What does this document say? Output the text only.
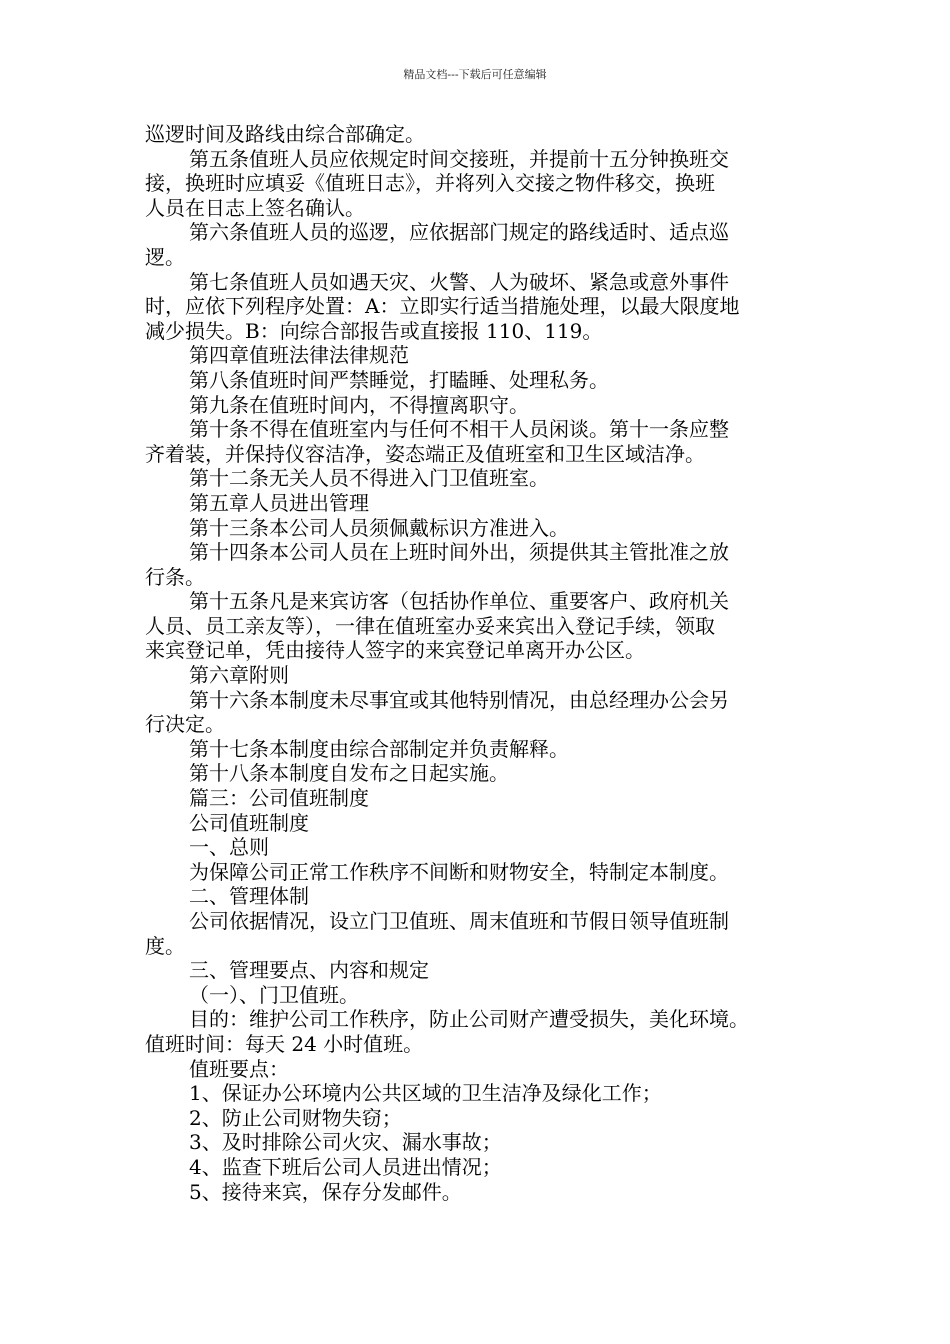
精品文档---下载后可任意编辑
巡逻时间及路线由综合部确定。
第五条值班人员应依规定时间交接班，并提前十五分钟换班交
接，换班时应填妥《值班日志》，并将列入交接之物件移交，换班
人员在日志上签名确认。
第六条值班人员的巡逻，应依据部门规定的路线适时、适点巡
逻。
第七条值班人员如遇天灾、火警、人为破坏、紧急或意外事件
时，应依下列程序处置：A：立即实行适当措施处理，以最大限度地
减少损失。B：向综合部报告或直接报 110、119。
第四章值班法律法律规范
第八条值班时间严禁睡觉，打瞌睡、处理私务。
第九条在值班时间内，不得擅离职守。
第十条不得在值班室内与任何不相干人员闲谈。第十一条应整
齐着装，并保持仪容洁净，姿态端正及值班室和卫生区域洁净。
第十二条无关人员不得进入门卫值班室。
第五章人员进出管理
第十三条本公司人员须佩戴标识方准进入。
第十四条本公司人员在上班时间外出，须提供其主管批准之放
行条。
第十五条凡是来宾访客（包括协作单位、重要客户、政府机关
人员、员工亲友等），一律在值班室办妥来宾出入登记手续，领取
来宾登记单，凭由接待人签字的来宾登记单离开办公区。
第六章附则
第十六条本制度未尽事宜或其他特别情况，由总经理办公会另
行决定。
第十七条本制度由综合部制定并负责解释。
第十八条本制度自发布之日起实施。
篇三：公司值班制度
公司值班制度
一、总则
为保障公司正常工作秩序不间断和财物安全，特制定本制度。
二、管理体制
公司依据情况，设立门卫值班、周末值班和节假日领导值班制
度。
三、管理要点、内容和规定
（一）、门卫值班。
目的：维护公司工作秩序，防止公司财产遭受损失，美化环境。
值班时间：每天 24 小时值班。
值班要点：
1、保证办公环境内公共区域的卫生洁净及绿化工作；
2、防止公司财物失窃；
3、及时排除公司火灾、漏水事故；
4、监查下班后公司人员进出情况；
5、接待来宾，保存分发邮件。
